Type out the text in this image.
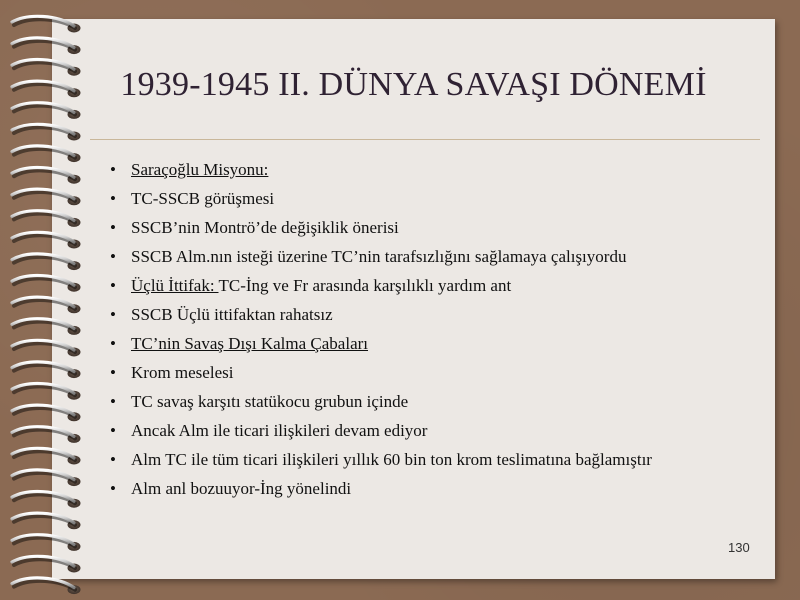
1939-1945 II. DÜNYA SAVAŞI DÖNEMİ
• Saraçoğlu Misyonu:
• TC-SSCB görüşmesi
• SSCB’nin Montrö’de değişiklik önerisi
• SSCB Alm.nın isteği üzerine TC’nin tarafsızlığını sağlamaya çalışıyordu
• Üçlü İttifak: TC-İng ve Fr arasında karşılıklı yardım ant
• SSCB Üçlü ittifaktan rahatsız
• TC’nin Savaş Dışı Kalma Çabaları
• Krom meselesi
• TC savaş karşıtı statükocu grubun içinde
• Ancak Alm ile ticari ilişkileri devam ediyor
• Alm TC ile tüm ticari ilişkileri yıllık 60 bin ton krom teslimatına bağlamıştır
• Alm anl bozuuyor-İng yönelindi
130
